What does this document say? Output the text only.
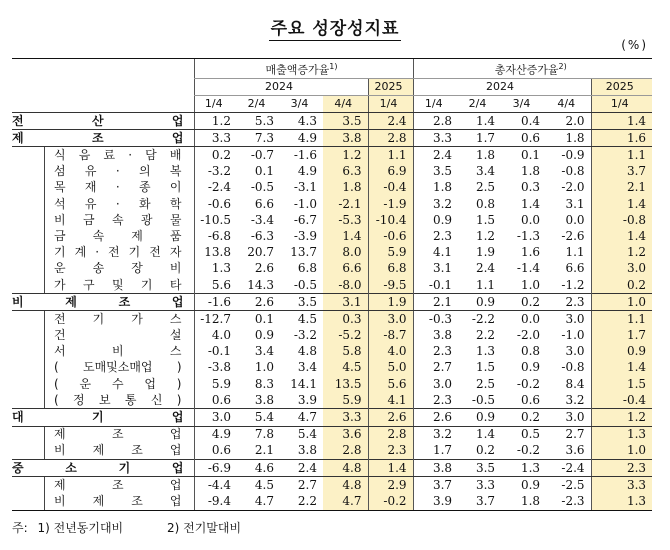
주요 성장성지표
(%)
	매출액증가율$^{1)}$					총자산증가율$^{2)}$
	2024				2025	2024				2025
	1/4	2/4	3/4	4/4	1/4	1/4	2/4	3/4	4/4	1/4

전 산 업	1.2	5.3	4.3	3.5	2.4	2.8	1.4	0.4	2.0	1.4

제 조 업	3.3	7.3	4.9	3.8	2.8	3.3	1.7	0.6	1.8	1.6

식 음 료 · 담 배	0.2	-0.7	-1.6	1.2	1.1	2.4	1.8	0.1	-0.9	1.1

섬 유 · 의 복	-3.2	0.1	4.9	6.3	6.9	3.5	3.4	1.8	-0.8	3.7

목 재 · 종 이	-2.4	-0.5	-3.1	1.8	-0.4	1.8	2.5	0.3	-2.0	2.1

석 유 · 화 학	-0.6	6.6	-1.0	-2.1	-1.9	3.2	0.8	1.4	3.1	1.4

비 금 속 광 물	-10.5	-3.4	-6.7	-5.3	-10.4	0.9	1.5	0.0	0.0	-0.8

금 속 제 품	-6.8	-6.3	-3.9	1.4	-0.6	2.3	1.2	-1.3	-2.6	1.4

기 계 · 전 기 전 자	13.8	20.7	13.7	8.0	5.9	4.1	1.9	1.6	1.1	1.2

운 송 장 비	1.3	2.6	6.8	6.6	6.8	3.1	2.4	-1.4	6.6	3.0

가 구 및 기 타	5.6	14.3	-0.5	-8.0	-9.5	-0.1	1.1	1.0	-1.2	0.2

비 제 조 업	-1.6	2.6	3.5	3.1	1.9	2.1	0.9	0.2	2.3	1.0

전 기 가 스	-12.7	0.1	4.5	0.3	3.0	-0.3	-2.2	0.0	3.0	1.1

건 설	4.0	0.9	-3.2	-5.2	-8.7	3.8	2.2	-2.0	-1.0	1.7

서 비 스	-0.1	3.4	4.8	5.8	4.0	2.3	1.3	0.8	3.0	0.9

( 도매및소매업 )	-3.8	1.0	3.4	4.5	5.0	2.7	1.5	0.9	-0.8	1.4

( 운 수 업 )	5.9	8.3	14.1	13.5	5.6	3.0	2.5	-0.2	8.4	1.5

( 정 보 통 신 )	0.6	3.8	3.9	5.9	4.1	2.3	-0.5	0.6	3.2	-0.4

대 기 업	3.0	5.4	4.7	3.3	2.6	2.6	0.9	0.2	3.0	1.2

제 조 업	4.9	7.8	5.4	3.6	2.8	3.2	1.4	0.5	2.7	1.3

비 제 조 업	0.6	2.1	3.8	2.8	2.3	1.7	0.2	-0.2	3.6	1.0

중 소 기 업	-6.9	4.6	2.4	4.8	1.4	3.8	3.5	1.3	-2.4	2.3

제 조 업	-4.4	4.5	2.7	4.8	2.9	3.7	3.3	0.9	-2.5	3.3

비 제 조 업	-9.4	4.7	2.2	4.7	-0.2	3.9	3.7	1.8	-2.3	1.3
주: 1) 전년동기대비	2) 전기말대비
